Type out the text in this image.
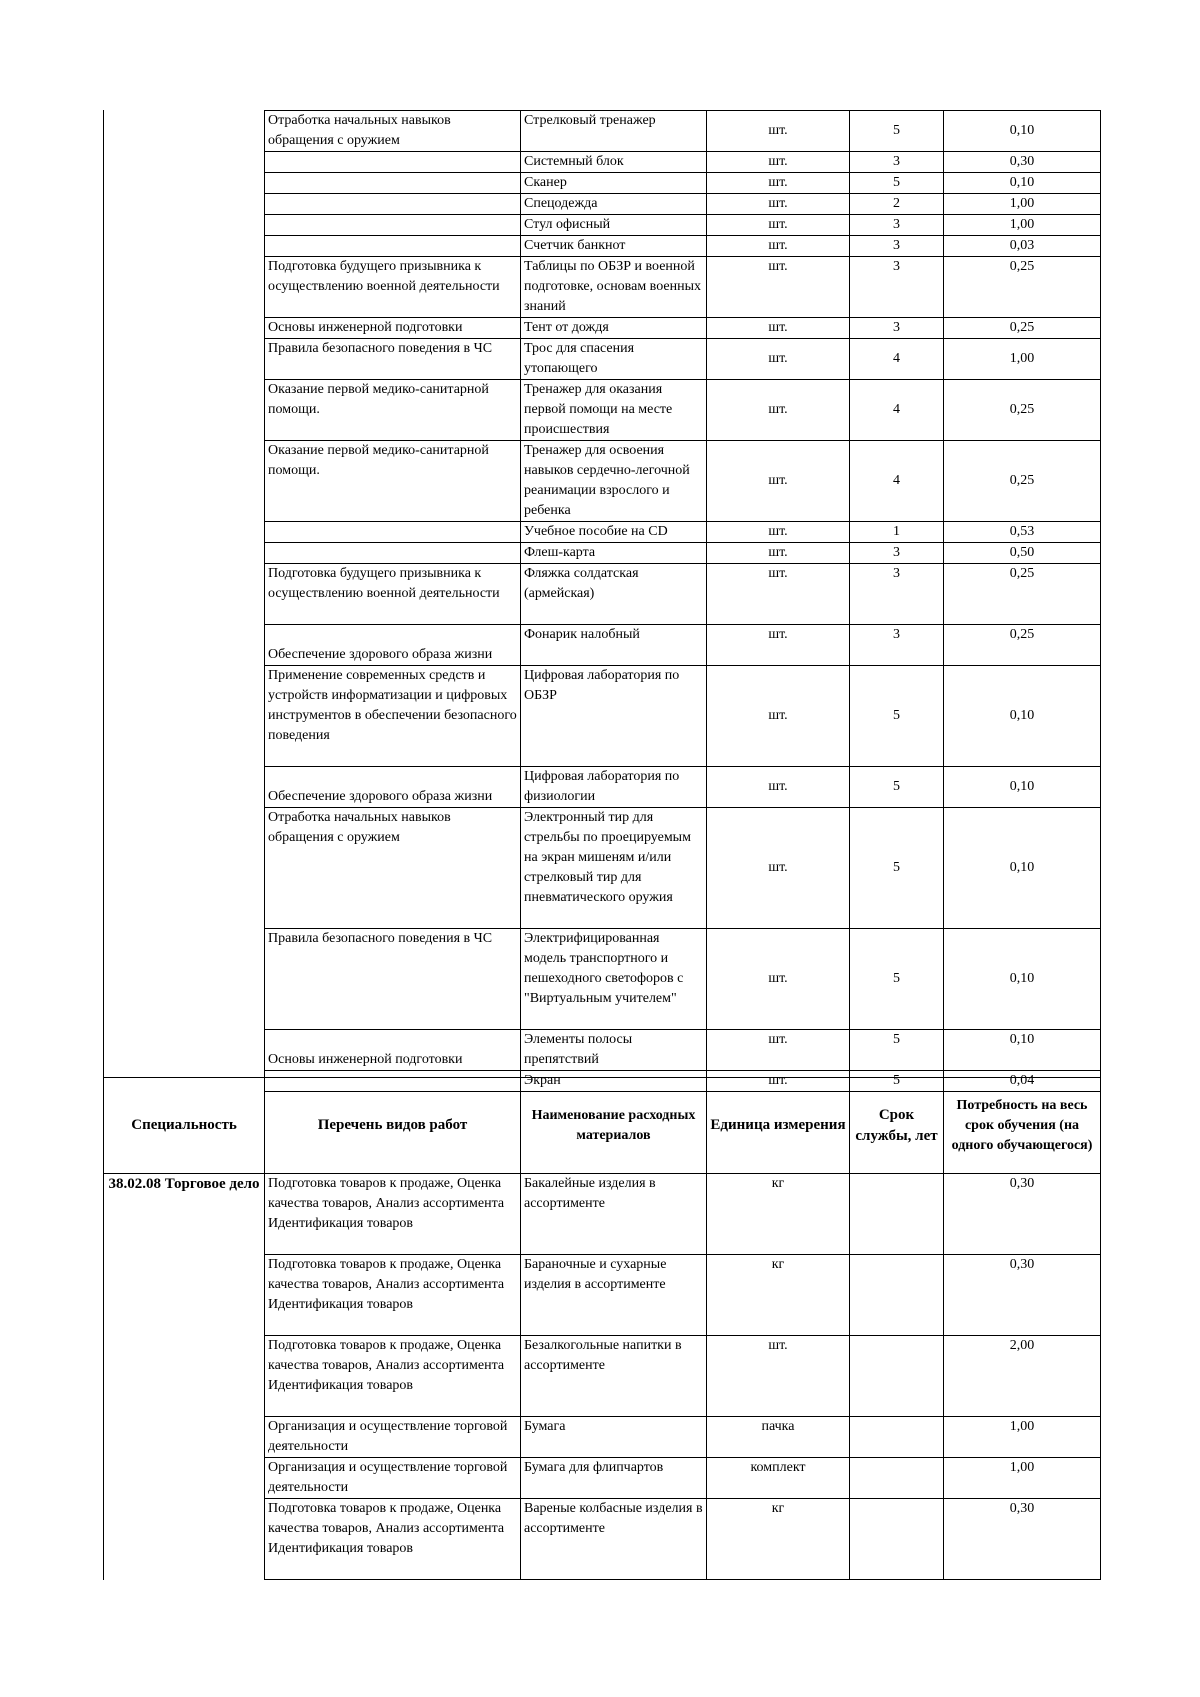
Отработка начальных навыков обращения с оружием	Стрелковый тренажер	шт.	5	0,10
	Системный блок	шт.	3	0,30
	Сканер	шт.	5	0,10
	Спецодежда	шт.	2	1,00
	Стул офисный	шт.	3	1,00
	Счетчик банкнот	шт.	3	0,03
Подготовка будущего призывника к осуществлению военной деятельности	Таблицы по ОБЗР и военной подготовке, основам военных знаний	шт.	3	0,25
Основы инженерной подготовки	Тент от дождя	шт.	3	0,25
Правила безопасного поведения в ЧС	Трос для спасения утопающего	шт.	4	1,00
Оказание первой медико-санитарной помощи.	Тренажер для оказания первой помощи на месте происшествия	шт.	4	0,25
Оказание первой медико-санитарной помощи.	Тренажер для освоения навыков сердечно-легочной реанимации взрослого и ребенка	шт.	4	0,25
	Учебное пособие на CD	шт.	1	0,53
	Флеш-карта	шт.	3	0,50
Подготовка будущего призывника к осуществлению военной деятельности	Фляжка солдатская (армейская)	шт.	3	0,25
Обеспечение здорового образа жизни	Фонарик налобный	шт.	3	0,25
Применение современных средств и устройств информатизации и цифровых инструментов в обеспечении безопасного поведения	Цифровая лаборатория по ОБЗР	шт.	5	0,10
Обеспечение здорового образа жизни	Цифровая лаборатория по физиологии	шт.	5	0,10
Отработка начальных навыков обращения с оружием	Электронный тир для стрельбы по проецируемым на экран мишеням и/или стрелковый тир для пневматического оружия	шт.	5	0,10
Правила безопасного поведения в ЧС	Электрифицированная модель транспортного и пешеходного светофоров с "Виртуальным учителем"	шт.	5	0,10
Основы инженерной подготовки	Элементы полосы препятствий	шт.	5	0,10
	Экран	шт.	5	0,04
Специальность	Перечень видов работ	Наименование расходных материалов	Единица измерения	Срок службы, лет	Потребность на весь срок обучения (на одного обучающегося)
38.02.08 Торговое дело	Подготовка товаров к продаже, Оценка качества товаров, Анализ ассортимента Идентификация товаров	Бакалейные изделия в ассортименте	кг		0,30
	Подготовка товаров к продаже, Оценка качества товаров, Анализ ассортимента Идентификация товаров	Бараночные и сухарные изделия в ассортименте	кг		0,30
	Подготовка товаров к продаже, Оценка качества товаров, Анализ ассортимента Идентификация товаров	Безалкогольные напитки в ассортименте	шт.		2,00
	Организация и осуществление торговой деятельности	Бумага	пачка		1,00
	Организация и осуществление торговой деятельности	Бумага для флипчартов	комплект		1,00
	Подготовка товаров к продаже, Оценка качества товаров, Анализ ассортимента Идентификация товаров	Вареные колбасные изделия в ассортименте	кг		0,30
